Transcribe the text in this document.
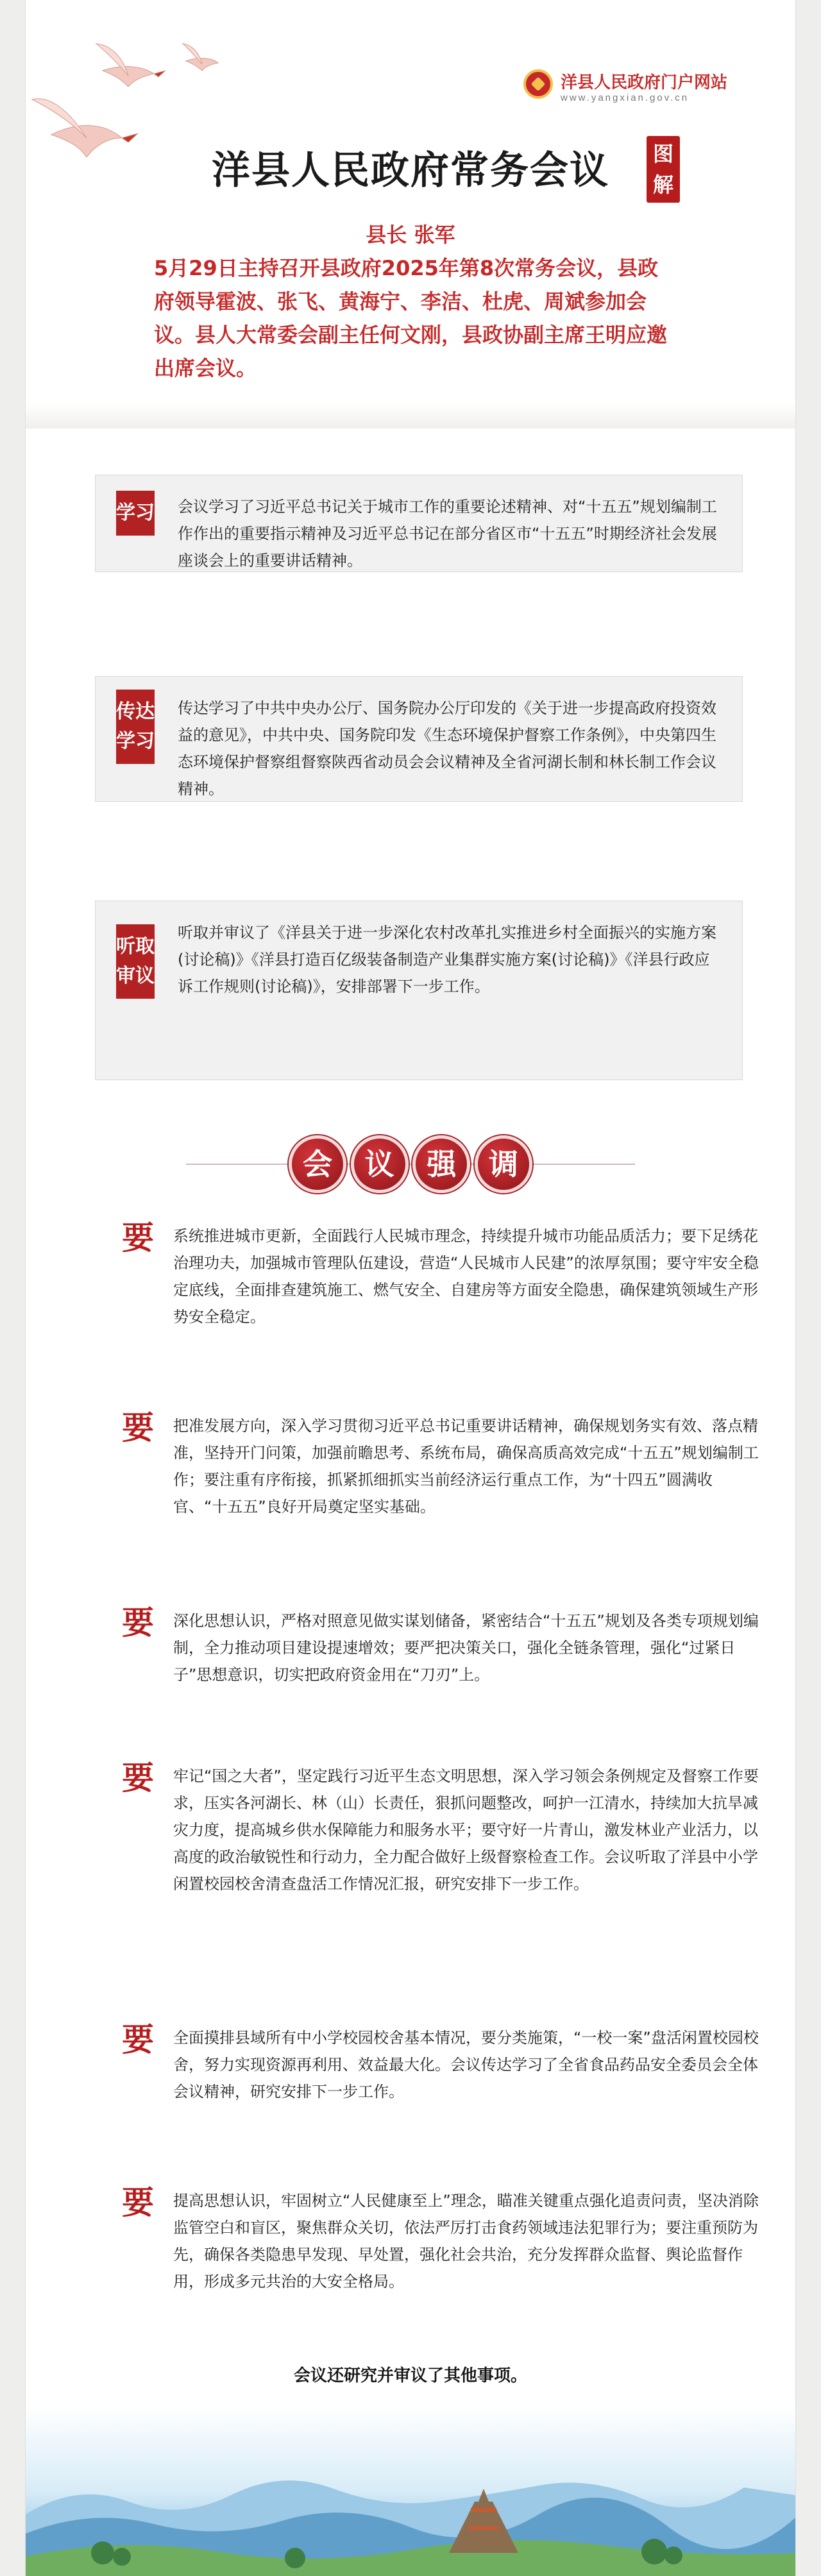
洋县人民政府门户网站
www.yangxian.gov.cn
洋县人民政府常务会议	图解
县长 张军
5月29日主持召开县政府2025年第8次常务会议，县政府领导霍波、张飞、黄海宁、李洁、杜虎、周斌参加会议。县人大常委会副主任何文刚，县政协副主席王明应邀出席会议。
学习 会议学习了习近平总书记关于城市工作的重要论述精神、对“十五五”规划编制工作作出的重要指示精神及习近平总书记在部分省区市“十五五”时期经济社会发展座谈会上的重要讲话精神。
传达学习
传达学习了中共中央办公厅、国务院办公厅印发的《关于进一步提高政府投资效益的意见》，中共中央、国务院印发《生态环境保护督察工作条例》，中央第四生态环境保护督察组督察陕西省动员会会议精神及全省河湖长制和林长制工作会议精神。
听取审议
听取并审议了《洋县关于进一步深化农村改革扎实推进乡村全面振兴的实施方案(讨论稿)》《洋县打造百亿级装备制造产业集群实施方案(讨论稿)》《洋县行政应诉工作规则(讨论稿)》，安排部署下一步工作。
会	议	强	调
要 系统推进城市更新，全面践行人民城市理念，持续提升城市功能品质活力；要下足绣花治理功夫，加强城市管理队伍建设，营造“人民城市人民建”的浓厚氛围；要守牢安全稳定底线，全面排查建筑施工、燃气安全、自建房等方面安全隐患，确保建筑领域生产形势安全稳定。
要 把准发展方向，深入学习贯彻习近平总书记重要讲话精神，确保规划务实有效、落点精准，坚持开门问策，加强前瞻思考、系统布局，确保高质高效完成“十五五”规划编制工作；要注重有序衔接，抓紧抓细抓实当前经济运行重点工作，为“十四五”圆满收官、“十五五”良好开局奠定坚实基础。
要 深化思想认识，严格对照意见做实谋划储备，紧密结合“十五五”规划及各类专项规划编制，全力推动项目建设提速增效；要严把决策关口，强化全链条管理，强化“过紧日子”思想意识，切实把政府资金用在“刀刃”上。
要 牢记“国之大者”，坚定践行习近平生态文明思想，深入学习领会条例规定及督察工作要求，压实各河湖长、林（山）长责任，狠抓问题整改，呵护一江清水，持续加大抗旱减灾力度，提高城乡供水保障能力和服务水平；要守好一片青山，激发林业产业活力，以高度的政治敏锐性和行动力，全力配合做好上级督察检查工作。会议听取了洋县中小学闲置校园校舍清查盘活工作情况汇报，研究安排下一步工作。
要 全面摸排县域所有中小学校园校舍基本情况，要分类施策，“一校一案”盘活闲置校园校舍，努力实现资源再利用、效益最大化。会议传达学习了全省食品药品安全委员会全体会议精神，研究安排下一步工作。
要 提高思想认识，牢固树立“人民健康至上”理念，瞄准关键重点强化追责问责，坚决消除监管空白和盲区，聚焦群众关切，依法严厉打击食药领域违法犯罪行为；要注重预防为先，确保各类隐患早发现、早处置，强化社会共治，充分发挥群众监督、舆论监督作用，形成多元共治的大安全格局。
会议还研究并审议了其他事项。
